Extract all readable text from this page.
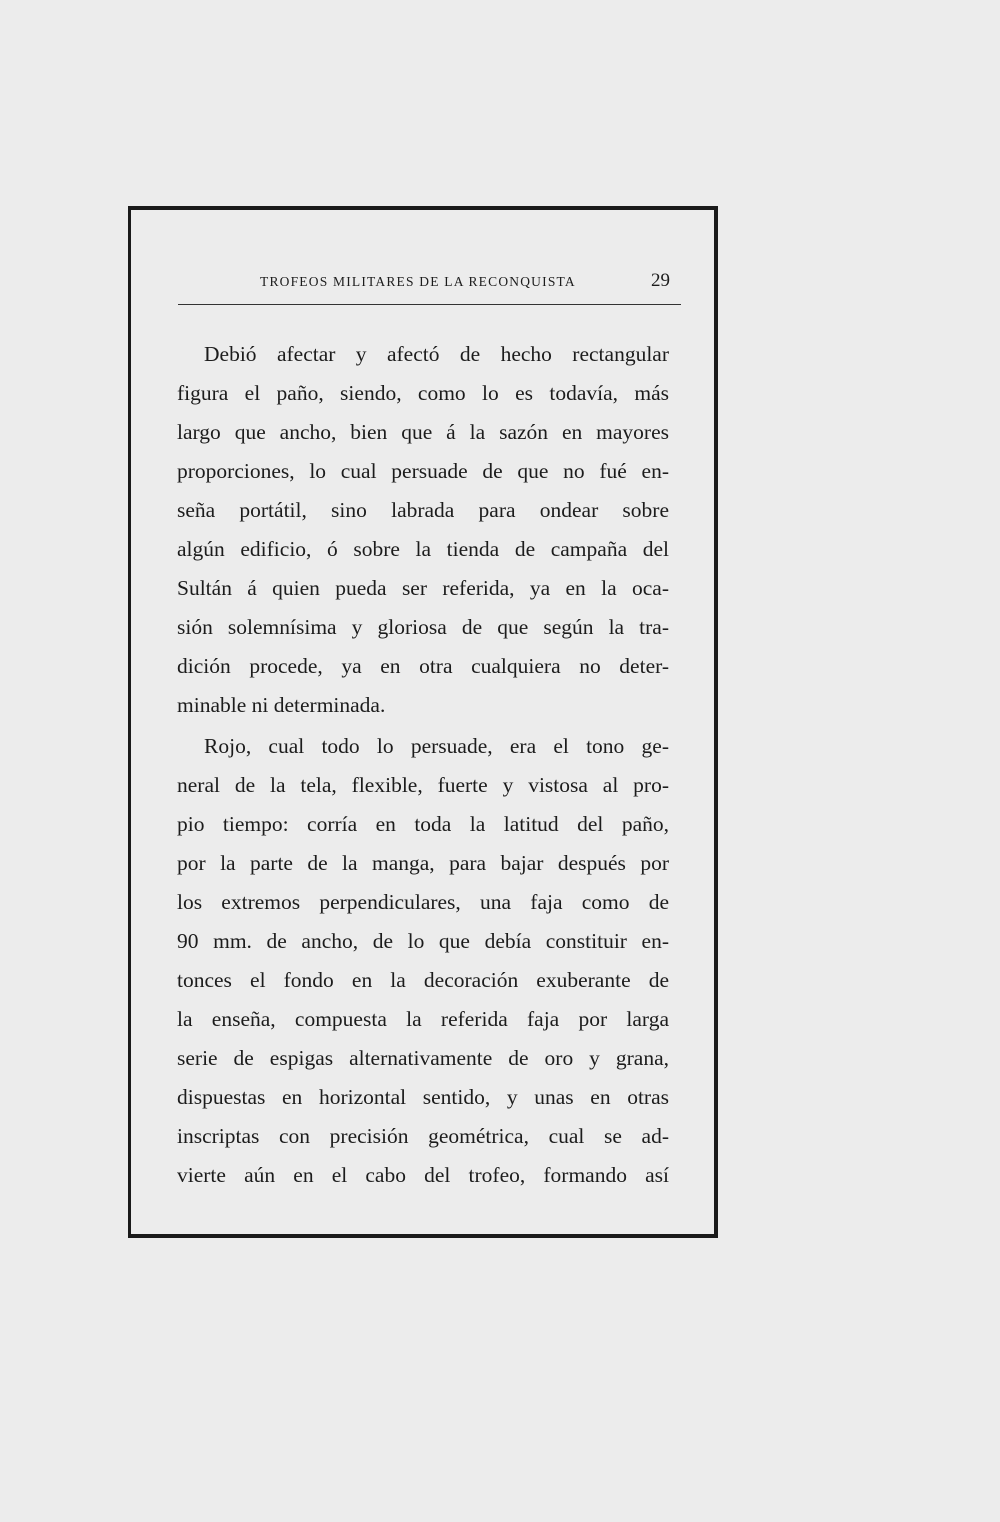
TROFEOS MILITARES DE LA RECONQUISTA	29
Debió afectar y afectó de hecho rectangular
figura el paño, siendo, como lo es todavía, más
largo que ancho, bien que á la sazón en mayores
proporciones, lo cual persuade de que no fué en-
seña portátil, sino labrada para ondear sobre
algún edificio, ó sobre la tienda de campaña del
Sultán á quien pueda ser referida, ya en la oca-
sión solemnísima y gloriosa de que según la tra-
dición procede, ya en otra cualquiera no deter-
minable ni determinada.
Rojo, cual todo lo persuade, era el tono ge-
neral de la tela, flexible, fuerte y vistosa al pro-
pio tiempo: corría en toda la latitud del paño,
por la parte de la manga, para bajar después por
los extremos perpendiculares, una faja como de
90 mm. de ancho, de lo que debía constituir en-
tonces el fondo en la decoración exuberante de
la enseña, compuesta la referida faja por larga
serie de espigas alternativamente de oro y grana,
dispuestas en horizontal sentido, y unas en otras
inscriptas con precisión geométrica, cual se ad-
vierte aún en el cabo del trofeo, formando así
